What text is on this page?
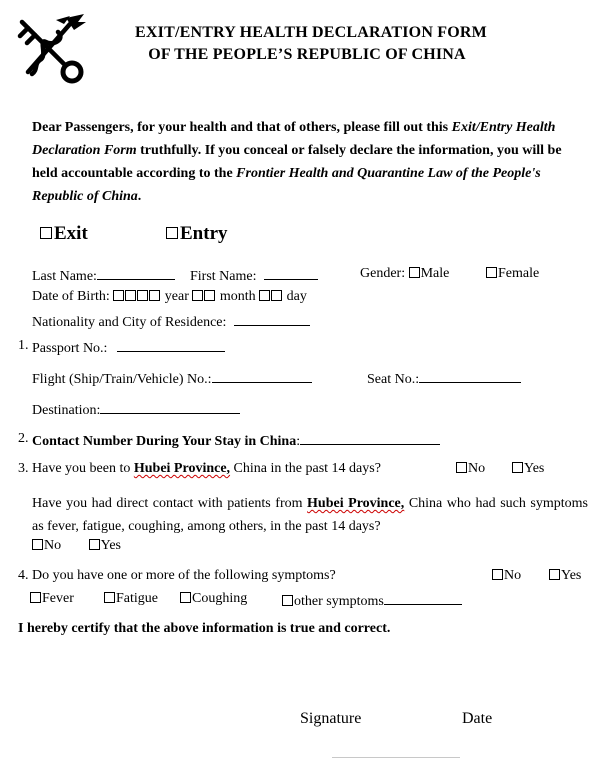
EXIT/ENTRY HEALTH DECLARATION FORM
OF THE PEOPLE’S REPUBLIC OF CHINA
Dear Passengers, for your health and that of others, please fill out this Exit/Entry Health Declaration Form truthfully. If you conceal or falsely declare the information, you will be held accountable according to the Frontier Health and Quarantine Law of the People's Republic of China.
Exit	Entry
Last Name:	First Name:	Gender: Male	Female
Date of Birth:	year month day
Nationality and City of Residence:
1. Passport No.:
Flight (Ship/Train/Vehicle) No.:	Seat No.:
Destination:
2. Contact Number During Your Stay in China:
3. Have you been to Hubei Province, China in the past 14 days?	No	Yes
Have you had direct contact with patients from Hubei Province, China who had such symptoms as fever, fatigue, coughing, among others, in the past 14 days?
No	Yes
4. Do you have one or more of the following symptoms?	No	Yes
Fever	Fatigue	Coughing	other symptoms
I hereby certify that the above information is true and correct.
Signature	Date
